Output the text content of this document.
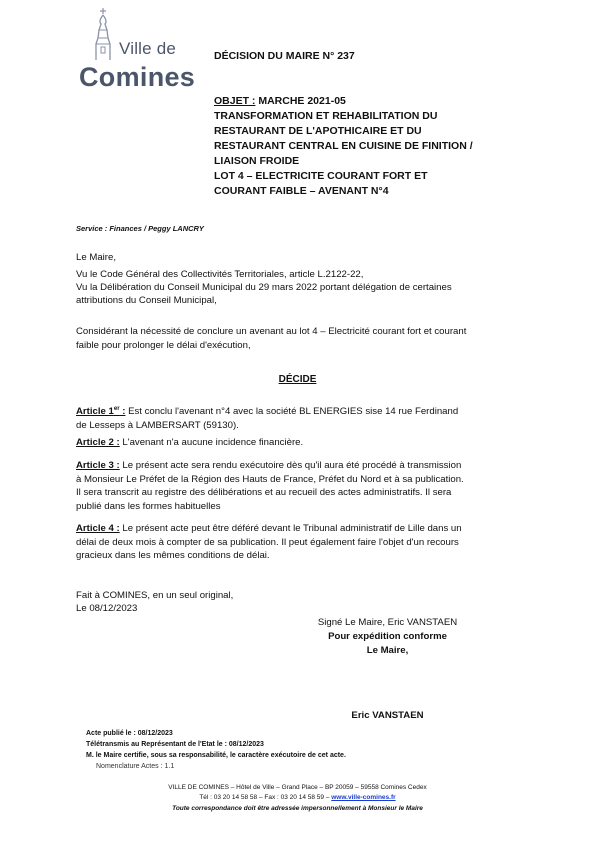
Ville de
Comines
DÉCISION DU MAIRE N° 237
OBJET : MARCHE 2021-05
TRANSFORMATION ET REHABILITATION DU
RESTAURANT DE L'APOTHICAIRE ET DU
RESTAURANT CENTRAL EN CUISINE DE FINITION /
LIAISON FROIDE
LOT 4 – ELECTRICITE COURANT FORT ET
COURANT FAIBLE – AVENANT N°4
Service : Finances / Peggy LANCRY
Le Maire,
Vu le Code Général des Collectivités Territoriales, article L.2122-22,
Vu la Délibération du Conseil Municipal du 29 mars 2022 portant délégation de certaines
attributions du Conseil Municipal,
Considérant la nécessité de conclure un avenant au lot 4 – Electricité courant fort et courant
faible pour prolonger le délai d'exécution,
DÉCIDE
Article 1er : Est conclu l'avenant n°4 avec la société BL ENERGIES sise 14 rue Ferdinand
de Lesseps à LAMBERSART (59130).
Article 2 : L'avenant n'a aucune incidence financière.
Article 3 : Le présent acte sera rendu exécutoire dès qu'il aura été procédé à transmission
à Monsieur Le Préfet de la Région des Hauts de France, Préfet du Nord et à sa publication.
Il sera transcrit au registre des délibérations et au recueil des actes administratifs. Il sera
publié dans les formes habituelles
Article 4 : Le présent acte peut être déféré devant le Tribunal administratif de Lille dans un
délai de deux mois à compter de sa publication. Il peut également faire l'objet d'un recours
gracieux dans les mêmes conditions de délai.
Fait à COMINES, en un seul original,
Le 08/12/2023
Signé Le Maire, Eric VANSTAEN
Pour expédition conforme
Le Maire,
Eric VANSTAEN
Acte publié le : 08/12/2023
Télétransmis au Représentant de l'Etat le : 08/12/2023
M. le Maire certifie, sous sa responsabilité, le caractère exécutoire de cet acte.
Nomenclature Actes : 1.1
VILLE DE COMINES – Hôtel de Ville – Grand Place – BP 20059 – 59558 Comines Cedex
Tél : 03 20 14 58 58 – Fax : 03 20 14 58 59 – www.ville-comines.fr
Toute correspondance doit être adressée impersonnellement à Monsieur le Maire
